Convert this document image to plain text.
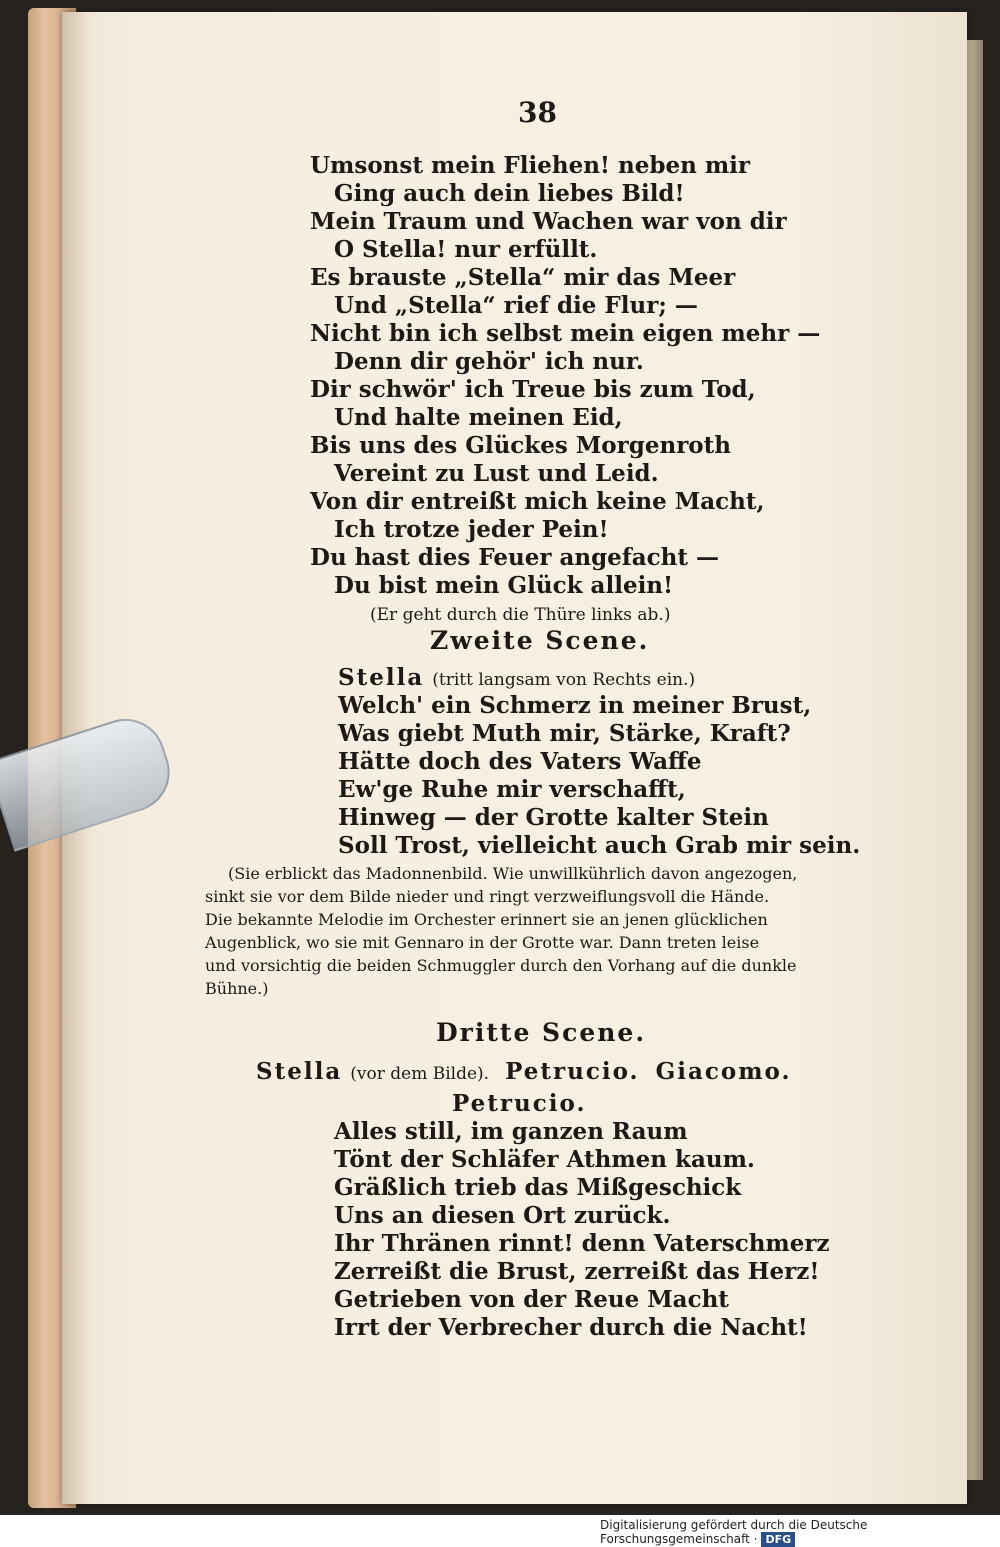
38
Umsonst mein Fliehen! neben mir
Ging auch dein liebes Bild!
Mein Traum und Wachen war von dir
O Stella! nur erfüllt.
Es brauste „Stella“ mir das Meer
Und „Stella“ rief die Flur; —
Nicht bin ich selbst mein eigen mehr —
Denn dir gehör' ich nur.
Dir schwör' ich Treue bis zum Tod,
Und halte meinen Eid,
Bis uns des Glückes Morgenroth
Vereint zu Lust und Leid.
Von dir entreißt mich keine Macht,
Ich trotze jeder Pein!
Du hast dies Feuer angefacht —
Du bist mein Glück allein!
(Er geht durch die Thüre links ab.)
Zweite Scene.
Stella (tritt langsam von Rechts ein.)
Welch' ein Schmerz in meiner Brust,
Was giebt Muth mir, Stärke, Kraft?
Hätte doch des Vaters Waffe
Ew'ge Ruhe mir verschafft,
Hinweg — der Grotte kalter Stein
Soll Trost, vielleicht auch Grab mir sein.
(Sie erblickt das Madonnenbild. Wie unwillkührlich davon angezogen,
sinkt sie vor dem Bilde nieder und ringt verzweiflungsvoll die Hände.
Die bekannte Melodie im Orchester erinnert sie an jenen glücklichen
Augenblick, wo sie mit Gennaro in der Grotte war. Dann treten leise
und vorsichtig die beiden Schmuggler durch den Vorhang auf die dunkle
Bühne.)
Dritte Scene.
Stella (vor dem Bilde). Petrucio. Giacomo.
Petrucio.
Alles still, im ganzen Raum
Tönt der Schläfer Athmen kaum.
Gräßlich trieb das Mißgeschick
Uns an diesen Ort zurück.
Ihr Thränen rinnt! denn Vaterschmerz
Zerreißt die Brust, zerreißt das Herz!
Getrieben von der Reue Macht
Irrt der Verbrecher durch die Nacht!
Digitalisierung gefördert durch die Deutsche Forschungsgemeinschaft · DFG
